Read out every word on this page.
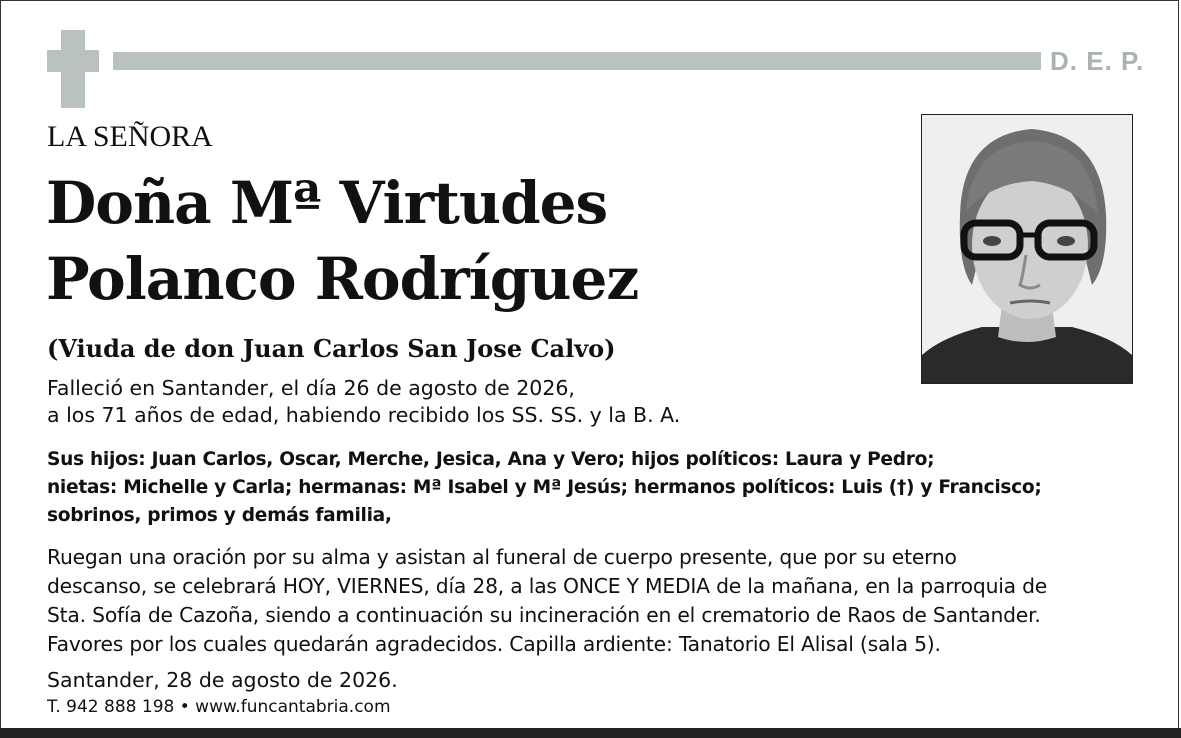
D. E. P.
LA SEÑORA
Doña Mª Virtudes
Polanco Rodríguez
(Viuda de don Juan Carlos San Jose Calvo)
Falleció en Santander, el día 26 de agosto de 2026,
a los 71 años de edad, habiendo recibido los SS. SS. y la B. A.
Sus hijos: Juan Carlos, Oscar, Merche, Jesica, Ana y Vero; hijos políticos: Laura y Pedro;
nietas: Michelle y Carla; hermanas: Mª Isabel y Mª Jesús; hermanos políticos: Luis (†) y Francisco;
sobrinos, primos y demás familia,
Ruegan una oración por su alma y asistan al funeral de cuerpo presente, que por su eterno
descanso, se celebrará HOY, VIERNES, día 28, a las ONCE Y MEDIA de la mañana, en la parroquia de
Sta. Sofía de Cazoña, siendo a continuación su incineración en el crematorio de Raos de Santander.
Favores por los cuales quedarán agradecidos. Capilla ardiente: Tanatorio El Alisal (sala 5).
Santander, 28 de agosto de 2026.
T. 942 888 198 • www.funcantabria.com
